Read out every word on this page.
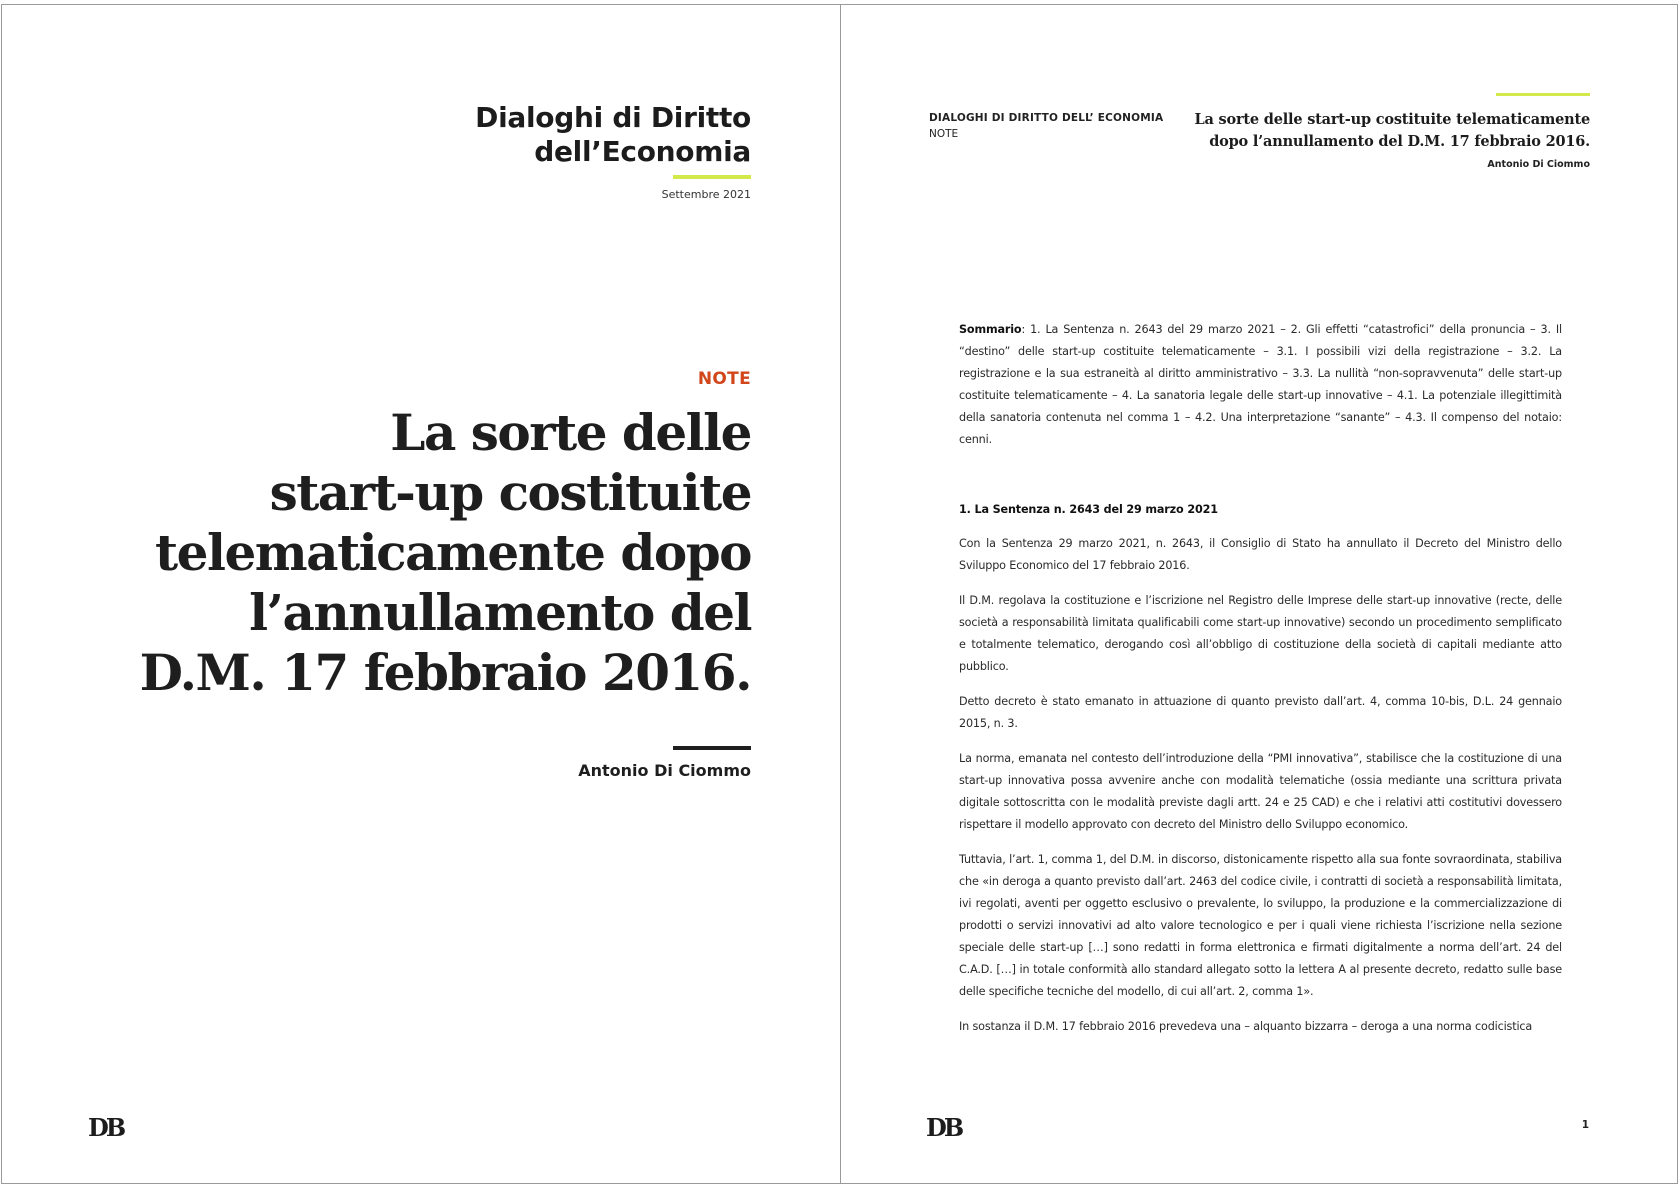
Dialoghi di Diritto
dell’Economia
Settembre 2021
NOTE
La sorte delle
start-up costituite
telematicamente dopo
l’annullamento del
D.M. 17 febbraio 2016.
Antonio Di Ciommo
DB
DIALOGHI DI DIRITTO DELL’ ECONOMIA
NOTE
La sorte delle start-up costituite telematicamente
dopo l’annullamento del D.M. 17 febbraio 2016.
Antonio Di Ciommo

Sommario: 1. La Sentenza n. 2643 del 29 marzo 2021 – 2. Gli effetti “catastrofici” della pronuncia – 3. Il “destino” delle start-up costituite telematicamente – 3.1. I possibili vizi della registrazione – 3.2. La registrazione e la sua estraneità al diritto amministrativo – 3.3. La nullità “non-sopravvenuta” delle start-up costituite telematicamente – 4. La sanatoria legale delle start-up innovative – 4.1. La potenziale illegittimità della sanatoria contenuta nel comma 1 – 4.2. Una interpretazione “sanante” – 4.3. Il compenso del notaio: cenni.

1. La Sentenza n. 2643 del 29 marzo 2021

Con la Sentenza 29 marzo 2021, n. 2643, il Consiglio di Stato ha annullato il Decreto del Ministro dello Sviluppo Economico del 17 febbraio 2016.

Il D.M. regolava la costituzione e l’iscrizione nel Registro delle Imprese delle start-up innovative (recte, delle società a responsabilità limitata qualificabili come start-up innovative) secondo un procedimento semplificato e totalmente telematico, derogando così all’obbligo di costituzione della società di capitali mediante atto pubblico.

Detto decreto è stato emanato in attuazione di quanto previsto dall’art. 4, comma 10-bis, D.L. 24 gennaio 2015, n. 3.

La norma, emanata nel contesto dell’introduzione della “PMI innovativa”, stabilisce che la costituzione di una start-up innovativa possa avvenire anche con modalità telematiche (ossia mediante una scrittura privata digitale sottoscritta con le modalità previste dagli artt. 24 e 25 CAD) e che i relativi atti costitutivi dovessero rispettare il modello approvato con decreto del Ministro dello Sviluppo economico.

Tuttavia, l’art. 1, comma 1, del D.M. in discorso, distonicamente rispetto alla sua fonte sovraordinata, stabiliva che «in deroga a quanto previsto dall’art. 2463 del codice civile, i contratti di società a responsabilità limitata, ivi regolati, aventi per oggetto esclusivo o prevalente, lo sviluppo, la produzione e la commercializzazione di prodotti o servizi innovativi ad alto valore tecnologico e per i quali viene richiesta l’iscrizione nella sezione speciale delle start-up […] sono redatti in forma elettronica e firmati digitalmente a norma dell’art. 24 del C.A.D. […] in totale conformità allo standard allegato sotto la lettera A al presente decreto, redatto sulle base delle specifiche tecniche del modello, di cui all’art. 2, comma 1».

In sostanza il D.M. 17 febbraio 2016 prevedeva una – alquanto bizzarra – deroga a una norma codicistica

DB	1
